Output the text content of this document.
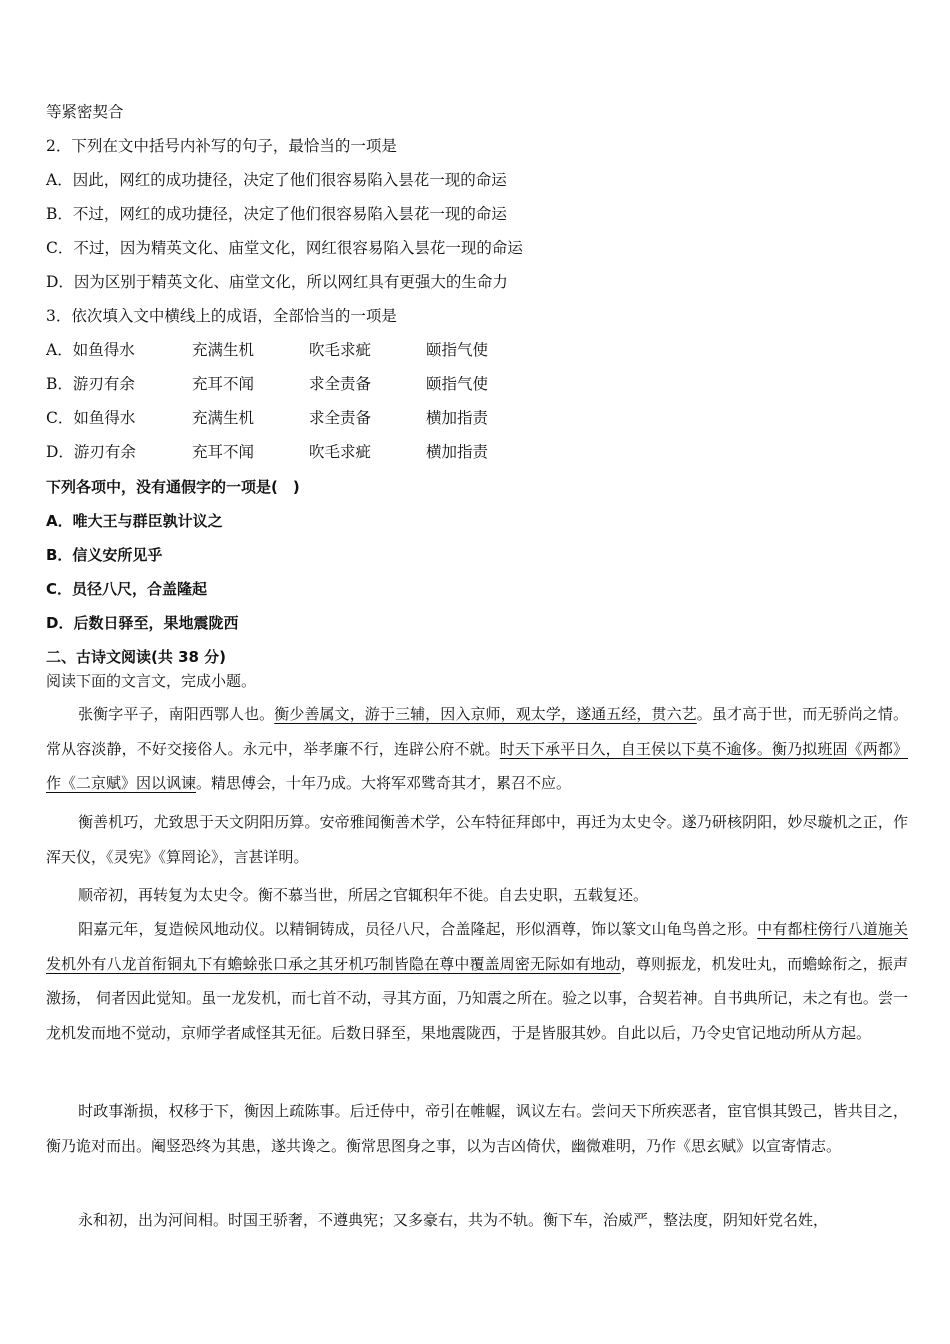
等紧密契合
2．下列在文中括号内补写的句子，最恰当的一项是
A．因此，网红的成功捷径，决定了他们很容易陷入昙花一现的命运
B．不过，网红的成功捷径，决定了他们很容易陷入昙花一现的命运
C．不过，因为精英文化、庙堂文化，网红很容易陷入昙花一现的命运
D．因为区别于精英文化、庙堂文化，所以网红具有更强大的生命力
3．依次填入文中横线上的成语，全部恰当的一项是
A．如鱼得水	充满生机	吹毛求疵	颐指气使
B．游刃有余	充耳不闻	求全责备	颐指气使
C．如鱼得水	充满生机	求全责备	横加指责
D．游刃有余	充耳不闻	吹毛求疵	横加指责
下列各项中，没有通假字的一项是(　)
A．唯大王与群臣孰计议之
B．信义安所见乎
C．员径八尺，合盖隆起
D．后数日驿至，果地震陇西
二、古诗文阅读(共 38 分)
阅读下面的文言文，完成小题。
张衡字平子，南阳西鄂人也。衡少善属文，游于三辅，因入京师，观太学，遂通五经，贯六艺。虽才高于世，而无骄尚之情。常从容淡静，不好交接俗人。永元中，举孝廉不行，连辟公府不就。时天下承平日久，自王侯以下莫不逾侈。衡乃拟班固《两都》作《二京赋》因以讽谏。精思傅会，十年乃成。大将军邓骘奇其才，累召不应。
衡善机巧，尤致思于天文阴阳历算。安帝雅闻衡善术学，公车特征拜郎中，再迁为太史令。遂乃研核阴阳，妙尽璇机之正，作浑天仪，《灵宪》《算罔论》，言甚详明。
顺帝初，再转复为太史令。衡不慕当世，所居之官辄积年不徙。自去史职，五载复还。
阳嘉元年，复造候风地动仪。以精铜铸成，员径八尺，合盖隆起，形似酒尊，饰以篆文山龟鸟兽之形。中有都柱傍行八道施关发机外有八龙首衔铜丸下有蟾蜍张口承之其牙机巧制皆隐在尊中覆盖周密无际如有地动，尊则振龙，机发吐丸，而蟾蜍衔之，振声激扬， 伺者因此觉知。虽一龙发机，而七首不动，寻其方面，乃知震之所在。验之以事，合契若神。自书典所记，未之有也。尝一龙机发而地不觉动，京师学者咸怪其无征。后数日驿至，果地震陇西，于是皆服其妙。自此以后，乃令史官记地动所从方起。
时政事渐损，权移于下，衡因上疏陈事。后迁侍中，帝引在帷幄，讽议左右。尝问天下所疾恶者，宦官惧其毁己，皆共目之，衡乃诡对而出。阉竖恐终为其患，遂共谗之。衡常思图身之事，以为吉凶倚伏，幽微难明，乃作《思玄赋》以宣寄情志。
永和初，出为河间相。时国王骄奢，不遵典宪；又多豪右，共为不轨。衡下车，治威严，整法度，阴知奸党名姓，
